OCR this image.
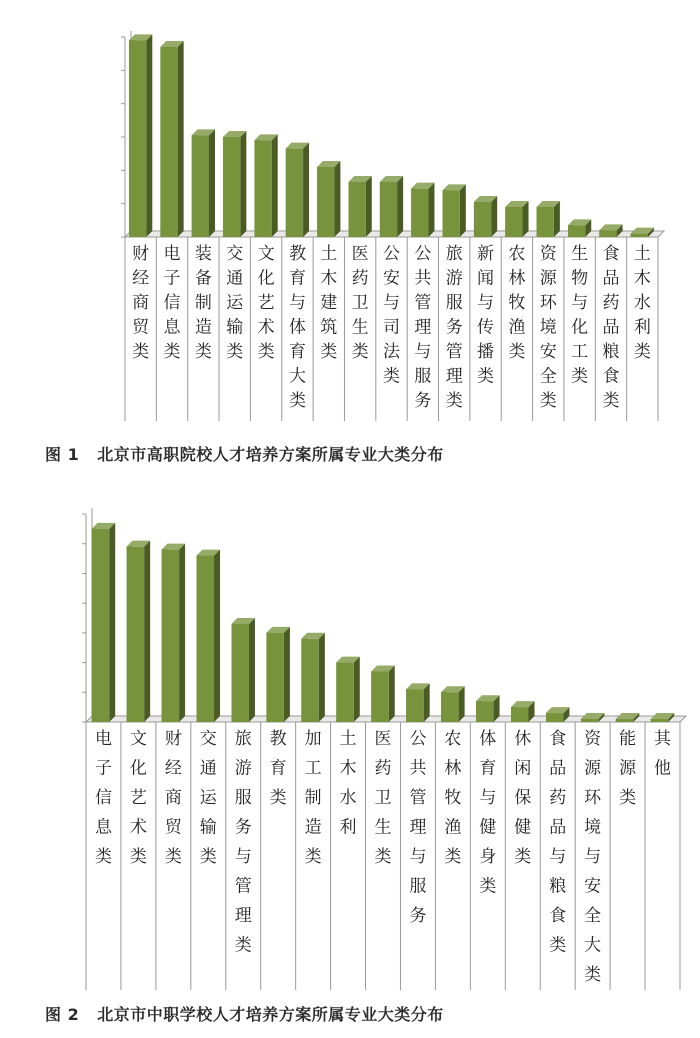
财经商贸类
电子信息类
装备制造类
交通运输类
文化艺术类
教育与体育大类
土木建筑类
医药卫生类
公安与司法类
公共管理与服务
旅游服务管理类
新闻与传播类
农林牧渔类
资源环境安全类
生物与化工类
食品药品粮食类
土木水利类
图 1 北京市高职院校人才培养方案所属专业大类分布
电子信息类
文化艺术类
财经商贸类
交通运输类
旅游服务与管理类
教育类
加工制造类
土木水利
医药卫生类
公共管理与服务
农林牧渔类
体育与健身类
休闲保健类
食品药品与粮食类
资源环境与安全大类
能源类
其他
图 2 北京市中职学校人才培养方案所属专业大类分布
